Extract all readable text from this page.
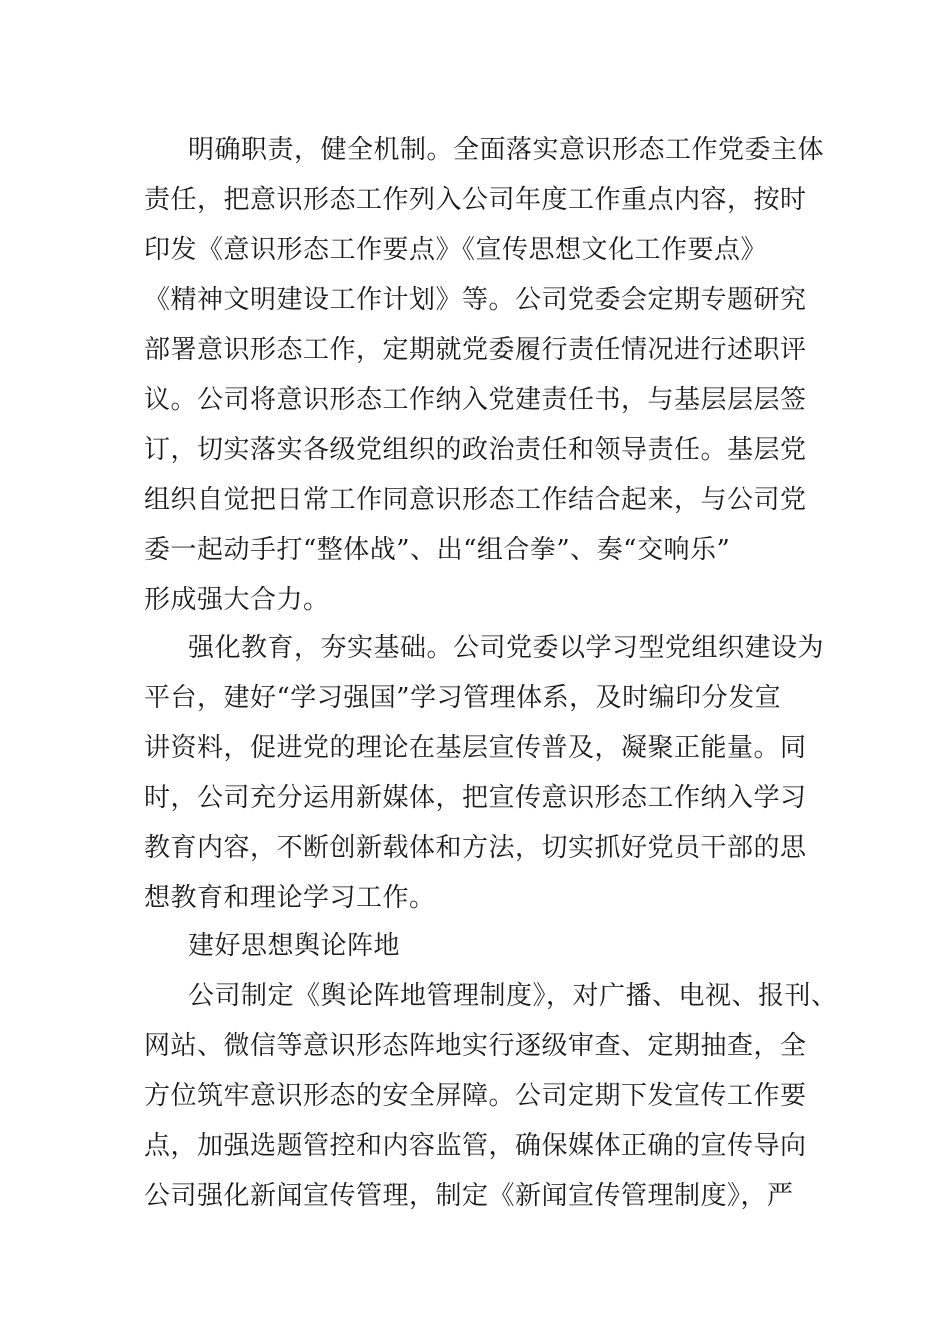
明确职责，健全机制。全面落实意识形态工作党委主体
责任，把意识形态工作列入公司年度工作重点内容，按时
印发《意识形态工作要点》《宣传思想文化工作要点》
《精神文明建设工作计划》等。公司党委会定期专题研究
部署意识形态工作，定期就党委履行责任情况进行述职评
议。公司将意识形态工作纳入党建责任书，与基层层层签
订，切实落实各级党组织的政治责任和领导责任。基层党
组织自觉把日常工作同意识形态工作结合起来，与公司党
委一起动手打“整体战”、出“组合拳”、奏“交响乐”
形成强大合力。
强化教育，夯实基础。公司党委以学习型党组织建设为
平台，建好“学习强国”学习管理体系，及时编印分发宣
讲资料，促进党的理论在基层宣传普及，凝聚正能量。同
时，公司充分运用新媒体，把宣传意识形态工作纳入学习
教育内容，不断创新载体和方法，切实抓好党员干部的思
想教育和理论学习工作。
建好思想舆论阵地
公司制定《舆论阵地管理制度》，对广播、电视、报刊、
网站、微信等意识形态阵地实行逐级审查、定期抽查，全
方位筑牢意识形态的安全屏障。公司定期下发宣传工作要
点，加强选题管控和内容监管，确保媒体正确的宣传导向
公司强化新闻宣传管理，制定《新闻宣传管理制度》，严
